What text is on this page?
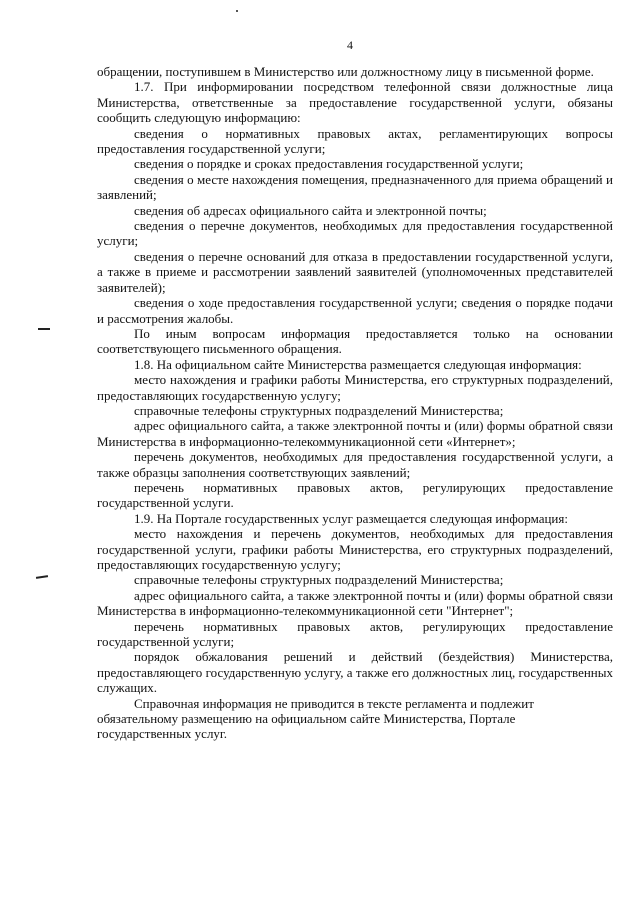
4

обращении, поступившем в Министерство или должностному лицу в письменной форме.

1.7. При информировании посредством телефонной связи должностные лица Министерства, ответственные за предоставление государственной услуги, обязаны сообщить следующую информацию:

сведения о нормативных правовых актах, регламентирующих вопросы предоставления государственной услуги;

сведения о порядке и сроках предоставления государственной услуги;

сведения о месте нахождения помещения, предназначенного для приема обращений и заявлений;

сведения об адресах официального сайта и электронной почты;

сведения о перечне документов, необходимых для предоставления государственной услуги;

сведения о перечне оснований для отказа в предоставлении государственной услуги, а также в приеме и рассмотрении заявлений заявителей (уполномоченных представителей заявителей);

сведения о ходе предоставления государственной услуги; сведения о порядке подачи и рассмотрения жалобы.

По иным вопросам информация предоставляется только на основании соответствующего письменного обращения.

1.8. На официальном сайте Министерства размещается следующая информация:

место нахождения и графики работы Министерства, его структурных подразделений, предоставляющих государственную услугу;

справочные телефоны структурных подразделений Министерства;

адрес официального сайта, а также электронной почты и (или) формы обратной связи Министерства в информационно-телекоммуникационной сети «Интернет»;

перечень документов, необходимых для предоставления государственной услуги, а также образцы заполнения соответствующих заявлений;

перечень нормативных правовых актов, регулирующих предоставление государственной услуги.

1.9. На Портале государственных услуг размещается следующая информация:

место нахождения и перечень документов, необходимых для предоставления государственной услуги, графики работы Министерства, его структурных подразделений, предоставляющих государственную услугу;

справочные телефоны структурных подразделений Министерства;

адрес официального сайта, а также электронной почты и (или) формы обратной связи Министерства в информационно-телекоммуникационной сети "Интернет";

перечень нормативных правовых актов, регулирующих предоставление государственной услуги;

порядок обжалования решений и действий (бездействия) Министерства, предоставляющего государственную услугу, а также его должностных лиц, государственных служащих.

Справочная информация не приводится в тексте регламента и подлежит обязательному размещению на официальном сайте Министерства, Портале государственных услуг.
